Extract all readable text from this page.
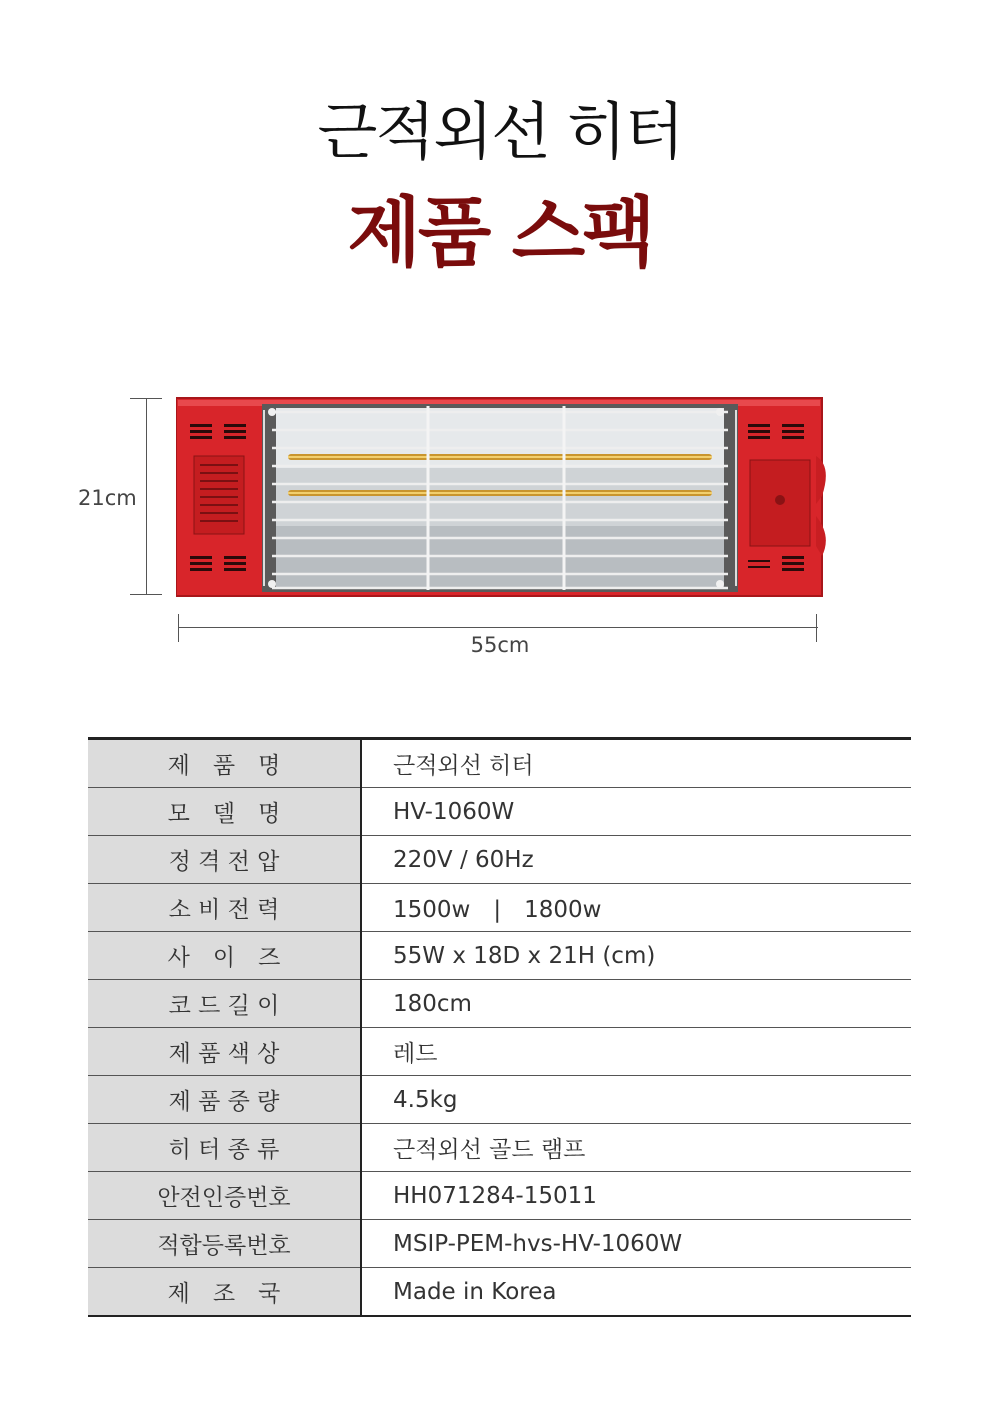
근적외선 히터
제품 스팩
21cm
55cm
제　품　명	근적외선 히터
모　델　명	HV-1060W
정 격 전 압	220V / 60Hz
소 비 전 력	1500w　|　1800w
사　이　즈	55W x 18D x 21H (cm)
코 드 길 이	180cm
제 품 색 상	레드
제 품 중 량	4.5kg
히 터 종 류	근적외선 골드 램프
안전인증번호	HH071284-15011
적합등록번호	MSIP-PEM-hvs-HV-1060W
제　조　국	Made in Korea
